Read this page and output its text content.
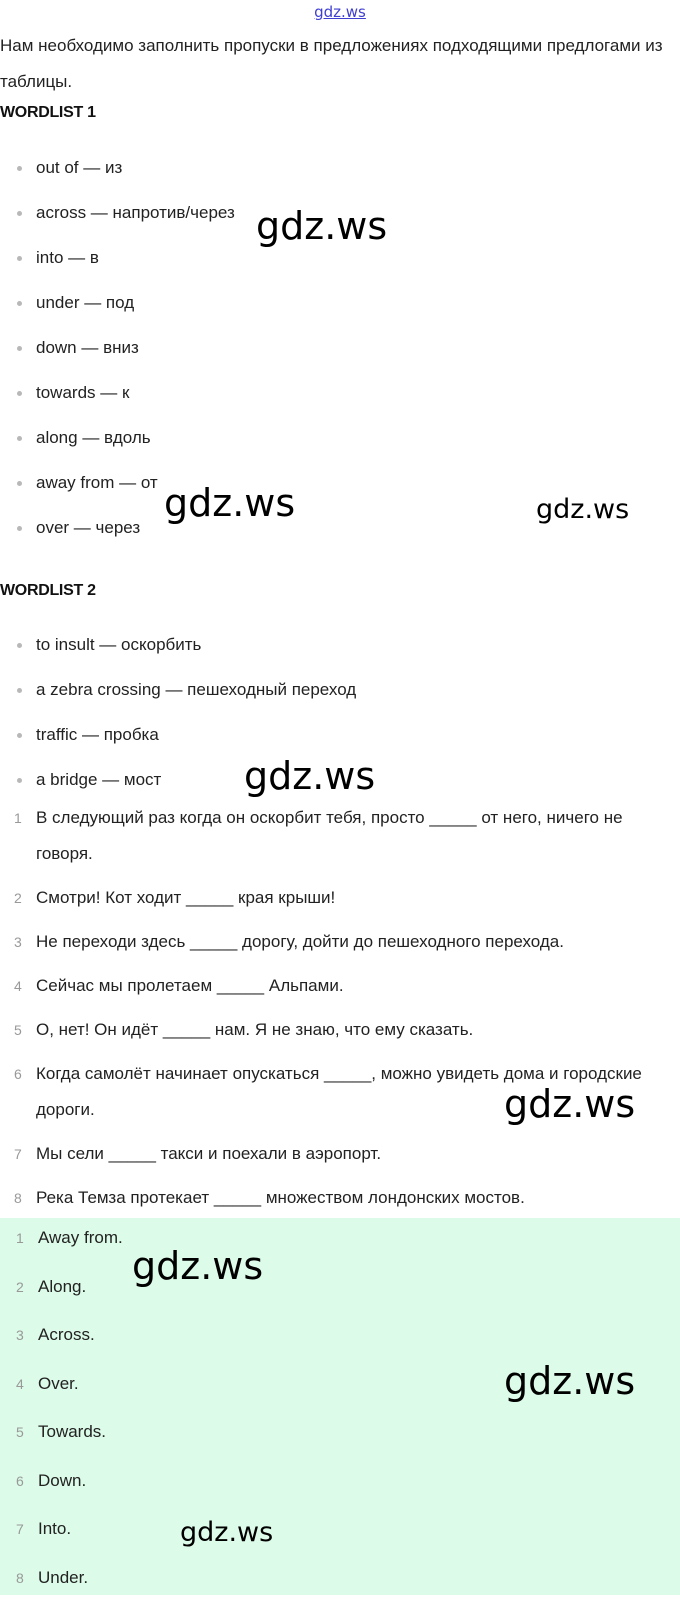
gdz.ws
Нам необходимо заполнить пропуски в предложениях подходящими предлогами из таблицы.
WORDLIST 1
out of — из
across — напротив/через
into — в
under — под
down — вниз
towards — к
along — вдоль
away from — от
over — через
WORDLIST 2
to insult — оскорбить
a zebra crossing — пешеходный переход
traffic — пробка
a bridge — мост
1 В следующий раз когда он оскорбит тебя, просто _____ от него, ничего не говоря.
2 Смотри! Кот ходит _____ края крыши!
3 Не переходи здесь _____ дорогу, дойти до пешеходного перехода.
4 Сейчас мы пролетаем _____ Альпами.
5 О, нет! Он идёт _____ нам. Я не знаю, что ему сказать.
6 Когда самолёт начинает опускаться _____, можно увидеть дома и городские дороги.
7 Мы сели _____ такси и поехали в аэропорт.
8 Река Темза протекает _____ множеством лондонских мостов.
1 Away from.
2 Along.
3 Across.
4 Over.
5 Towards.
6 Down.
7 Into.
8 Under.
gdz.ws
gdz.ws	gdz.ws
gdz.ws
gdz.ws
gdz.ws
gdz.ws
gdz.ws
